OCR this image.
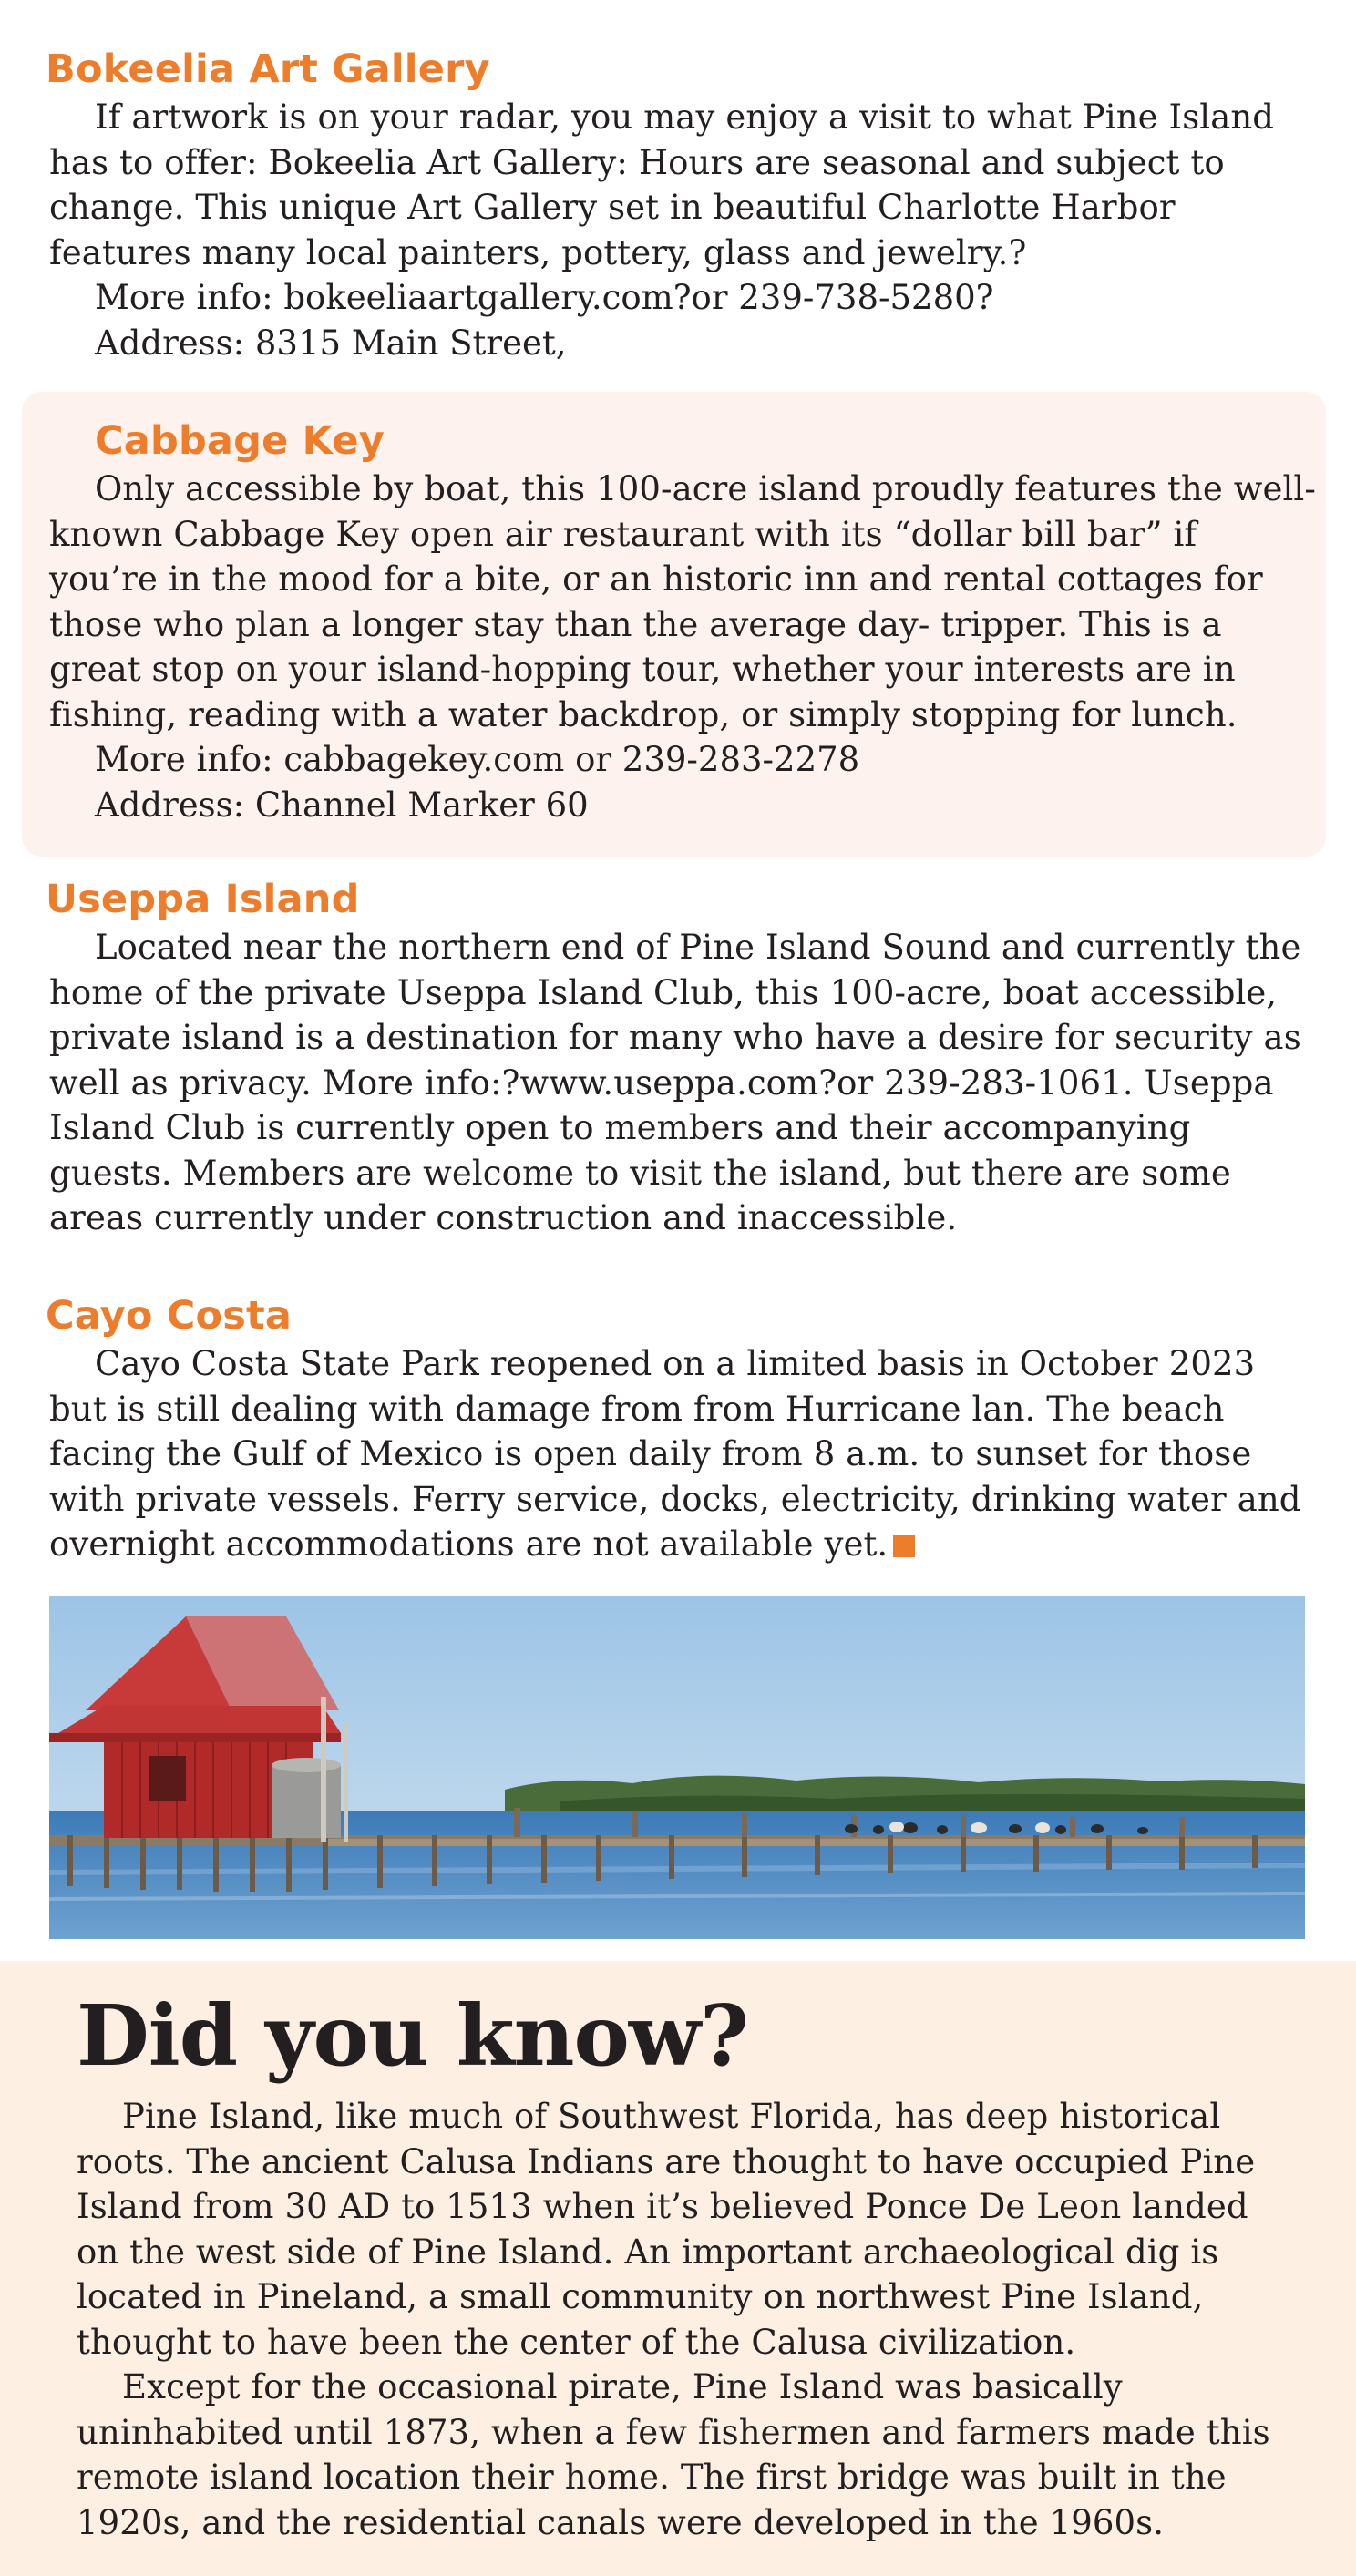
Bokeelia Art Gallery

If artwork is on your radar, you may enjoy a visit to what Pine Island has to offer: Bokeelia Art Gallery: Hours are seasonal and subject to change. This unique Art Gallery set in beautiful Charlotte Harbor features many local painters, pottery, glass and jewelry.?

More info: bokeeliaartgallery.com?or 239-738-5280?
Address: 8315 Main Street,
Cabbage Key

Only accessible by boat, this 100-acre island proudly features the well-known Cabbage Key open air restaurant with its “dollar bill bar” if you’re in the mood for a bite, or an historic inn and rental cottages for those who plan a longer stay than the average day- tripper. This is a great stop on your island-hopping tour, whether your interests are in fishing, reading with a water backdrop, or simply stopping for lunch.

More info: cabbagekey.com or 239-283-2278
Address: Channel Marker 60
Useppa Island

Located near the northern end of Pine Island Sound and currently the home of the private Useppa Island Club, this 100-acre, boat accessible, private island is a destination for many who have a desire for security as well as privacy. More info:?www.useppa.com?or 239-283-1061. Useppa Island Club is currently open to members and their accompanying guests. Members are welcome to visit the island, but there are some areas currently under construction and inaccessible.

Cayo Costa

Cayo Costa State Park reopened on a limited basis in October 2023 but is still dealing with damage from from Hurricane lan. The beach facing the Gulf of Mexico is open daily from 8 a.m. to sunset for those with private vessels. Ferry service, docks, electricity, drinking water and overnight accommodations are not available yet.

Did you know?

Pine Island, like much of Southwest Florida, has deep historical roots. The ancient Calusa Indians are thought to have occupied Pine Island from 30 AD to 1513 when it’s believed Ponce De Leon landed on the west side of Pine Island. An important archaeological dig is located in Pineland, a small community on northwest Pine Island, thought to have been the center of the Calusa civilization.

Except for the occasional pirate, Pine Island was basically uninhabited until 1873, when a few fishermen and farmers made this remote island location their home. The first bridge was built in the 1920s, and the residential canals were developed in the 1960s.
